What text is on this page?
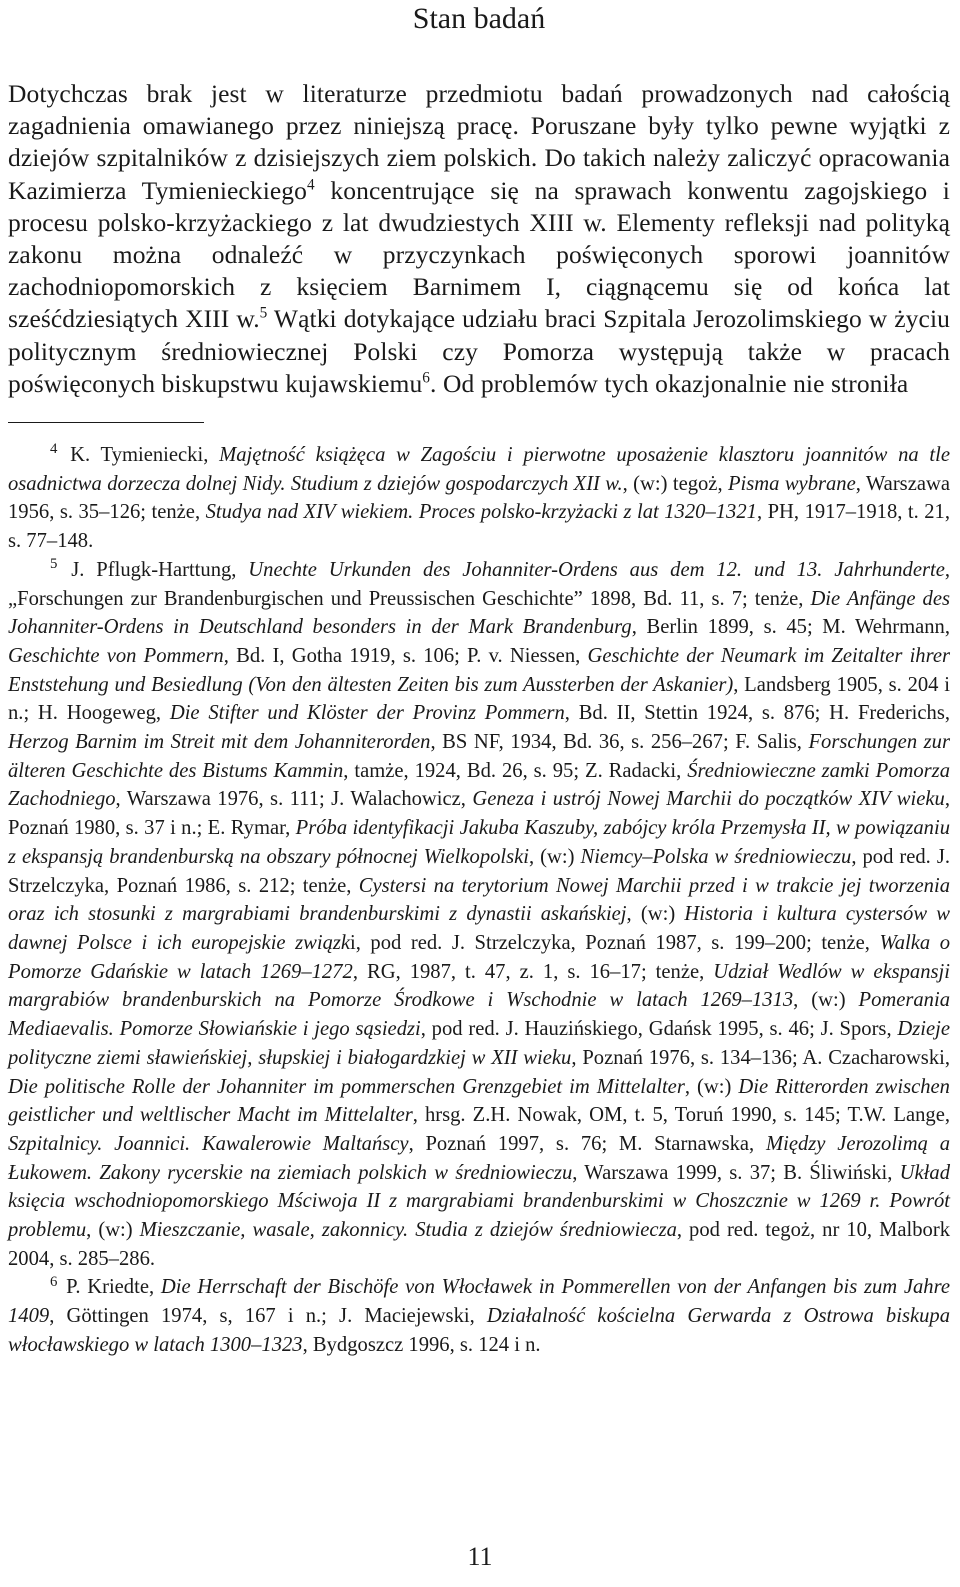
Stan badań
Dotychczas brak jest w literaturze przedmiotu badań prowadzonych nad całością zagadnienia omawianego przez niniejszą pracę. Poruszane były tylko pewne wyjątki z dziejów szpitalników z dzisiejszych ziem polskich. Do takich należy zaliczyć opracowania Kazimierza Tymienieckiego$^4$ koncentrujące się na sprawach konwentu zagojskiego i procesu polsko-krzyżackiego z lat dwudziestych XIII w. Elementy refleksji nad polityką zakonu można odnaleźć w przyczynkach poświęconych sporowi joannitów zachodniopomorskich z księciem Barnimem I, ciągnącemu się od końca lat sześćdziesiątych XIII w.$^5$ Wątki dotykające udziału braci Szpitala Jerozolimskiego w życiu politycznym średniowiecznej Polski czy Pomorza występują także w pracach poświęconych biskupstwu kujawskiemu$^6$. Od problemów tych okazjonalnie nie stroniła

$^4$ K. Tymieniecki, Majętność książęca w Zagościu i pierwotne uposażenie klasztoru joannitów na tle osadnictwa dorzecza dolnej Nidy. Studium z dziejów gospodarczych XII w., (w:) tegoż, Pisma wybrane, Warszawa 1956, s. 35–126; tenże, Studya nad XIV wiekiem. Proces polsko-krzyżacki z lat 1320–1321, PH, 1917–1918, t. 21, s. 77–148.

$^5$ J. Pflugk-Harttung, Unechte Urkunden des Johanniter-Ordens aus dem 12. und 13. Jahrhunderte, „Forschungen zur Brandenburgischen und Preussischen Geschichte” 1898, Bd. 11, s. 7; tenże, Die Anfänge des Johanniter-Ordens in Deutschland besonders in der Mark Brandenburg, Berlin 1899, s. 45; M. Wehrmann, Geschichte von Pommern, Bd. I, Gotha 1919, s. 106; P. v. Niessen, Geschichte der Neumark im Zeitalter ihrer Enststehung und Besiedlung (Von den ältesten Zeiten bis zum Aussterben der Askanier), Landsberg 1905, s. 204 i n.; H. Hoogeweg, Die Stifter und Klöster der Provinz Pommern, Bd. II, Stettin 1924, s. 876; H. Frederichs, Herzog Barnim im Streit mit dem Johanniterorden, BS NF, 1934, Bd. 36, s. 256–267; F. Salis, Forschungen zur älteren Geschichte des Bistums Kammin, tamże, 1924, Bd. 26, s. 95; Z. Radacki, Średniowieczne zamki Pomorza Zachodniego, Warszawa 1976, s. 111; J. Walachowicz, Geneza i ustrój Nowej Marchii do początków XIV wieku, Poznań 1980, s. 37 i n.; E. Rymar, Próba identyfikacji Jakuba Kaszuby, zabójcy króla Przemysła II, w powiązaniu z ekspansją brandenburską na obszary północnej Wielkopolski, (w:) Niemcy–Polska w średniowieczu, pod red. J. Strzelczyka, Poznań 1986, s. 212; tenże, Cystersi na terytorium Nowej Marchii przed i w trakcie jej tworzenia oraz ich stosunki z margrabiami brandenburskimi z dynastii askańskiej, (w:) Historia i kultura cystersów w dawnej Polsce i ich europejskie związki, pod red. J. Strzelczyka, Poznań 1987, s. 199–200; tenże, Walka o Pomorze Gdańskie w latach 1269–1272, RG, 1987, t. 47, z. 1, s. 16–17; tenże, Udział Wedlów w ekspansji margrabiów brandenburskich na Pomorze Środkowe i Wschodnie w latach 1269–1313, (w:) Pomerania Mediaevalis. Pomorze Słowiańskie i jego sąsiedzi, pod red. J. Hauzińskiego, Gdańsk 1995, s. 46; J. Spors, Dzieje polityczne ziemi sławieńskiej, słupskiej i białogardzkiej w XII wieku, Poznań 1976, s. 134–136; A. Czacharowski, Die politische Rolle der Johanniter im pommerschen Grenzgebiet im Mittelalter, (w:) Die Ritterorden zwischen geistlicher und weltlischer Macht im Mittelalter, hrsg. Z.H. Nowak, OM, t. 5, Toruń 1990, s. 145; T.W. Lange, Szpitalnicy. Joannici. Kawalerowie Maltańscy, Poznań 1997, s. 76; M. Starnawska, Między Jerozolimą a Łukowem. Zakony rycerskie na ziemiach polskich w średniowieczu, Warszawa 1999, s. 37; B. Śliwiński, Układ księcia wschodniopomorskiego Mściwoja II z margrabiami brandenburskimi w Choszcznie w 1269 r. Powrót problemu, (w:) Mieszczanie, wasale, zakonnicy. Studia z dziejów średniowiecza, pod red. tegoż, nr 10, Malbork 2004, s. 285–286.

$^6$ P. Kriedte, Die Herrschaft der Bischöfe von Włocławek in Pommerellen von der Anfangen bis zum Jahre 1409, Göttingen 1974, s, 167 i n.; J. Maciejewski, Działalność kościelna Gerwarda z Ostrowa biskupa włocławskiego w latach 1300–1323, Bydgoszcz 1996, s. 124 i n.

11
